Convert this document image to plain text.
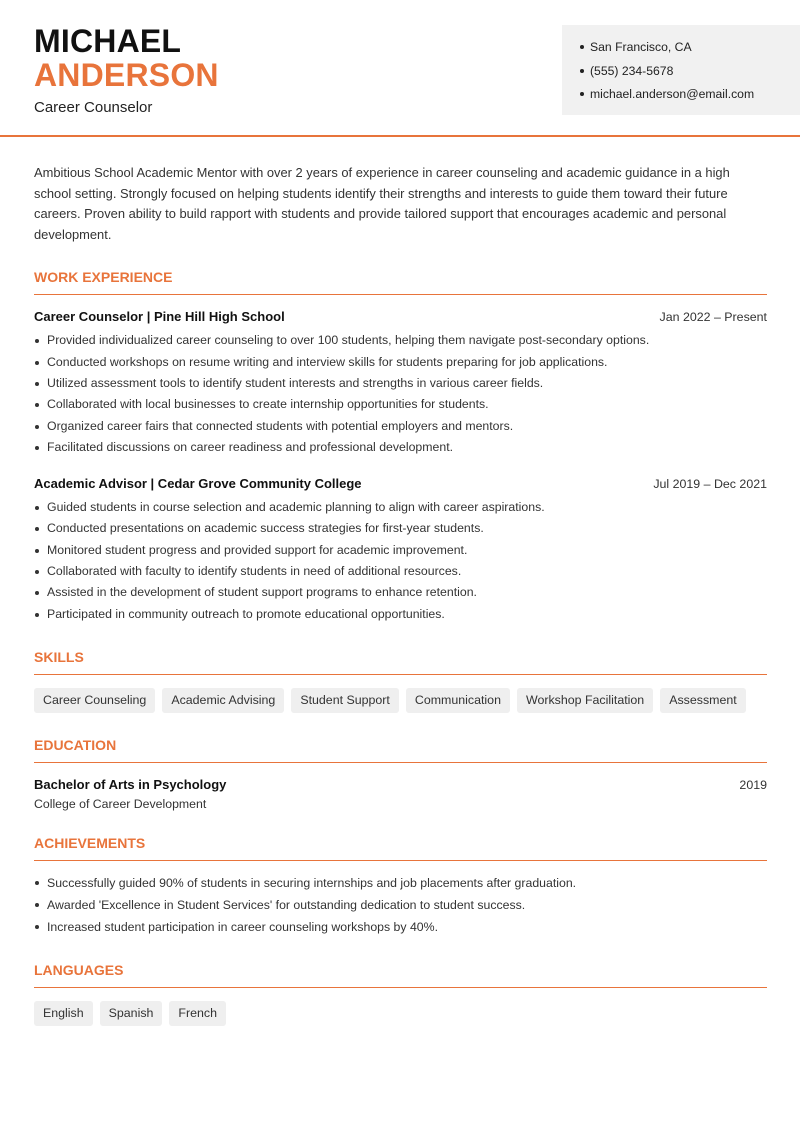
MICHAEL
ANDERSON
Career Counselor
San Francisco, CA
(555) 234-5678
michael.anderson@email.com

Ambitious School Academic Mentor with over 2 years of experience in career counseling and academic guidance in a high school setting. Strongly focused on helping students identify their strengths and interests to guide them toward their future careers. Proven ability to build rapport with students and provide tailored support that encourages academic and personal development.

WORK EXPERIENCE
Career Counselor | Pine Hill High School	Jan 2022 – Present
Provided individualized career counseling to over 100 students, helping them navigate post-secondary options.
Conducted workshops on resume writing and interview skills for students preparing for job applications.
Utilized assessment tools to identify student interests and strengths in various career fields.
Collaborated with local businesses to create internship opportunities for students.
Organized career fairs that connected students with potential employers and mentors.
Facilitated discussions on career readiness and professional development.
Academic Advisor | Cedar Grove Community College	Jul 2019 – Dec 2021
Guided students in course selection and academic planning to align with career aspirations.
Conducted presentations on academic success strategies for first-year students.
Monitored student progress and provided support for academic improvement.
Collaborated with faculty to identify students in need of additional resources.
Assisted in the development of student support programs to enhance retention.
Participated in community outreach to promote educational opportunities.
SKILLS
Career Counseling	Academic Advising	Student Support	Communication	Workshop Facilitation	Assessment
EDUCATION
Bachelor of Arts in Psychology	2019
College of Career Development
ACHIEVEMENTS
Successfully guided 90% of students in securing internships and job placements after graduation.
Awarded 'Excellence in Student Services' for outstanding dedication to student success.
Increased student participation in career counseling workshops by 40%.
LANGUAGES
English	Spanish	French
